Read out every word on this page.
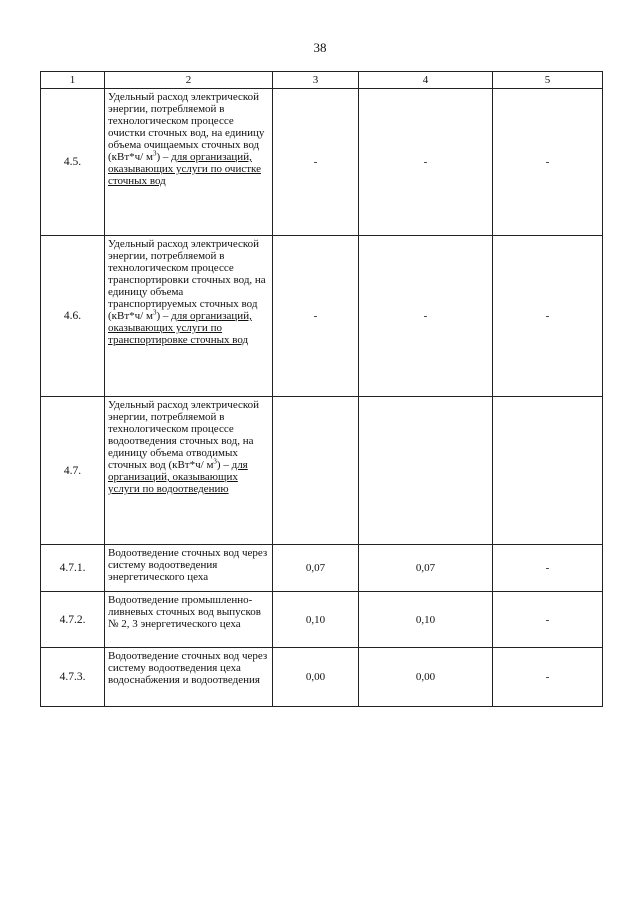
38
1	2	3	4	5
4.5.	Удельный расход электрической энергии, потребляемой в технологическом процессе очистки сточных вод, на единицу объема очищаемых сточных вод (кВт*ч/ $м^3$) – для организаций, оказывающих услуги по очистке сточных вод	-	-	-
4.6.	Удельный расход электрической энергии, потребляемой в технологическом процессе транспортировки сточных вод, на единицу объема транспортируемых сточных вод (кВт*ч/ $м^3$) – для организаций, оказывающих услуги по транспортировке сточных вод	-	-	-
4.7.	Удельный расход электрической энергии, потребляемой в технологическом процессе водоотведения сточных вод, на единицу объема отводимых сточных вод (кВт*ч/ $м^3$) – для организаций, оказывающих услуги по водоотведению			
4.7.1.	Водоотведение сточных вод через систему водоотведения энергетического цеха	0,07	0,07	-
4.7.2.	Водоотведение промышленно-ливневых сточных вод выпусков № 2, 3 энергетического цеха	0,10	0,10	-
4.7.3.	Водоотведение сточных вод через систему водоотведения цеха водоснабжения и водоотведения	0,00	0,00	-
